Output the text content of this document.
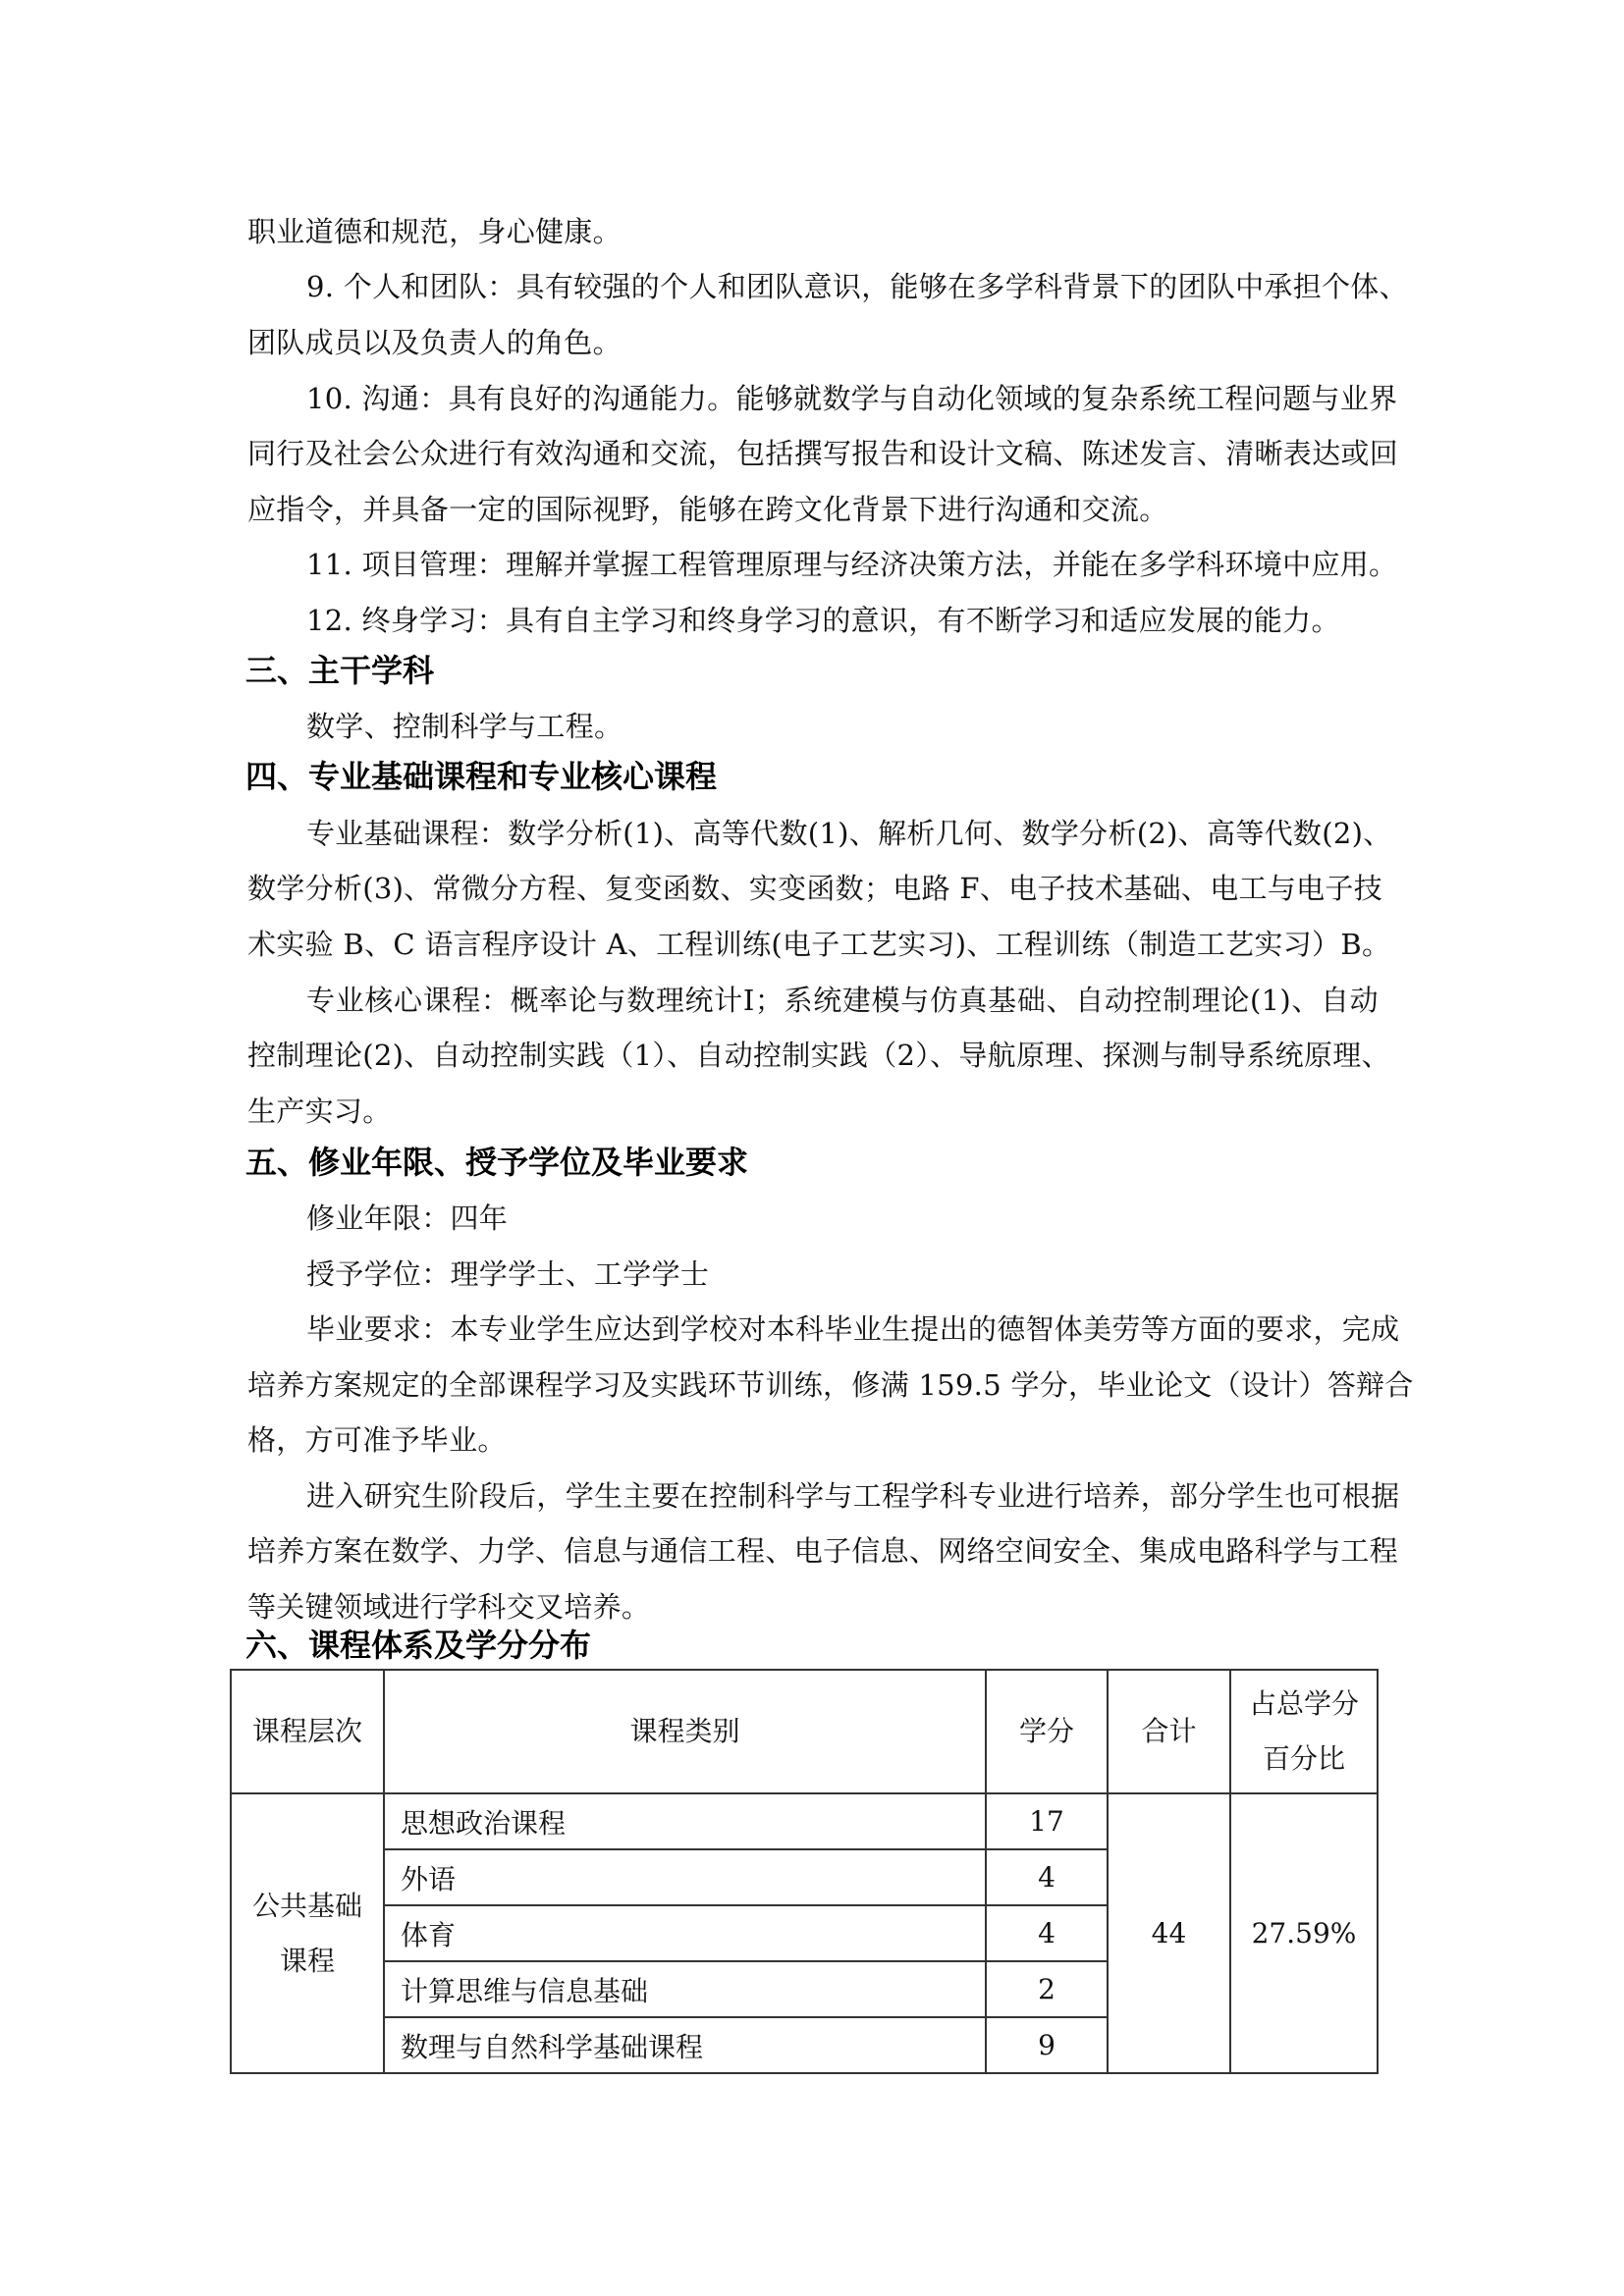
职业道德和规范，身心健康。
9. 个人和团队：具有较强的个人和团队意识，能够在多学科背景下的团队中承担个体、
团队成员以及负责人的角色。
10. 沟通：具有良好的沟通能力。能够就数学与自动化领域的复杂系统工程问题与业界
同行及社会公众进行有效沟通和交流，包括撰写报告和设计文稿、陈述发言、清晰表达或回
应指令，并具备一定的国际视野，能够在跨文化背景下进行沟通和交流。
11. 项目管理：理解并掌握工程管理原理与经济决策方法，并能在多学科环境中应用。
12. 终身学习：具有自主学习和终身学习的意识，有不断学习和适应发展的能力。
三、主干学科
数学、控制科学与工程。
四、专业基础课程和专业核心课程
专业基础课程：数学分析(1)、高等代数(1)、解析几何、数学分析(2)、高等代数(2)、
数学分析(3)、常微分方程、复变函数、实变函数；电路 F、电子技术基础、电工与电子技
术实验 B、C 语言程序设计 A、工程训练(电子工艺实习)、工程训练（制造工艺实习）B。
专业核心课程：概率论与数理统计Ⅰ；系统建模与仿真基础、自动控制理论(1)、自动
控制理论(2)、自动控制实践（1）、自动控制实践（2）、导航原理、探测与制导系统原理、
生产实习。
五、修业年限、授予学位及毕业要求
修业年限：四年
授予学位：理学学士、工学学士
毕业要求：本专业学生应达到学校对本科毕业生提出的德智体美劳等方面的要求，完成
培养方案规定的全部课程学习及实践环节训练，修满 159.5 学分，毕业论文（设计）答辩合
格，方可准予毕业。
进入研究生阶段后，学生主要在控制科学与工程学科专业进行培养，部分学生也可根据
培养方案在数学、力学、信息与通信工程、电子信息、网络空间安全、集成电路科学与工程
等关键领域进行学科交叉培养。
六、课程体系及学分分布
课程层次	课程类别	学分	合计	占总学分
百分比
公共基础
课程	思想政治课程	17	44	27.59%
	外语	4		
	体育	4		
	计算思维与信息基础	2		
	数理与自然科学基础课程	9		
